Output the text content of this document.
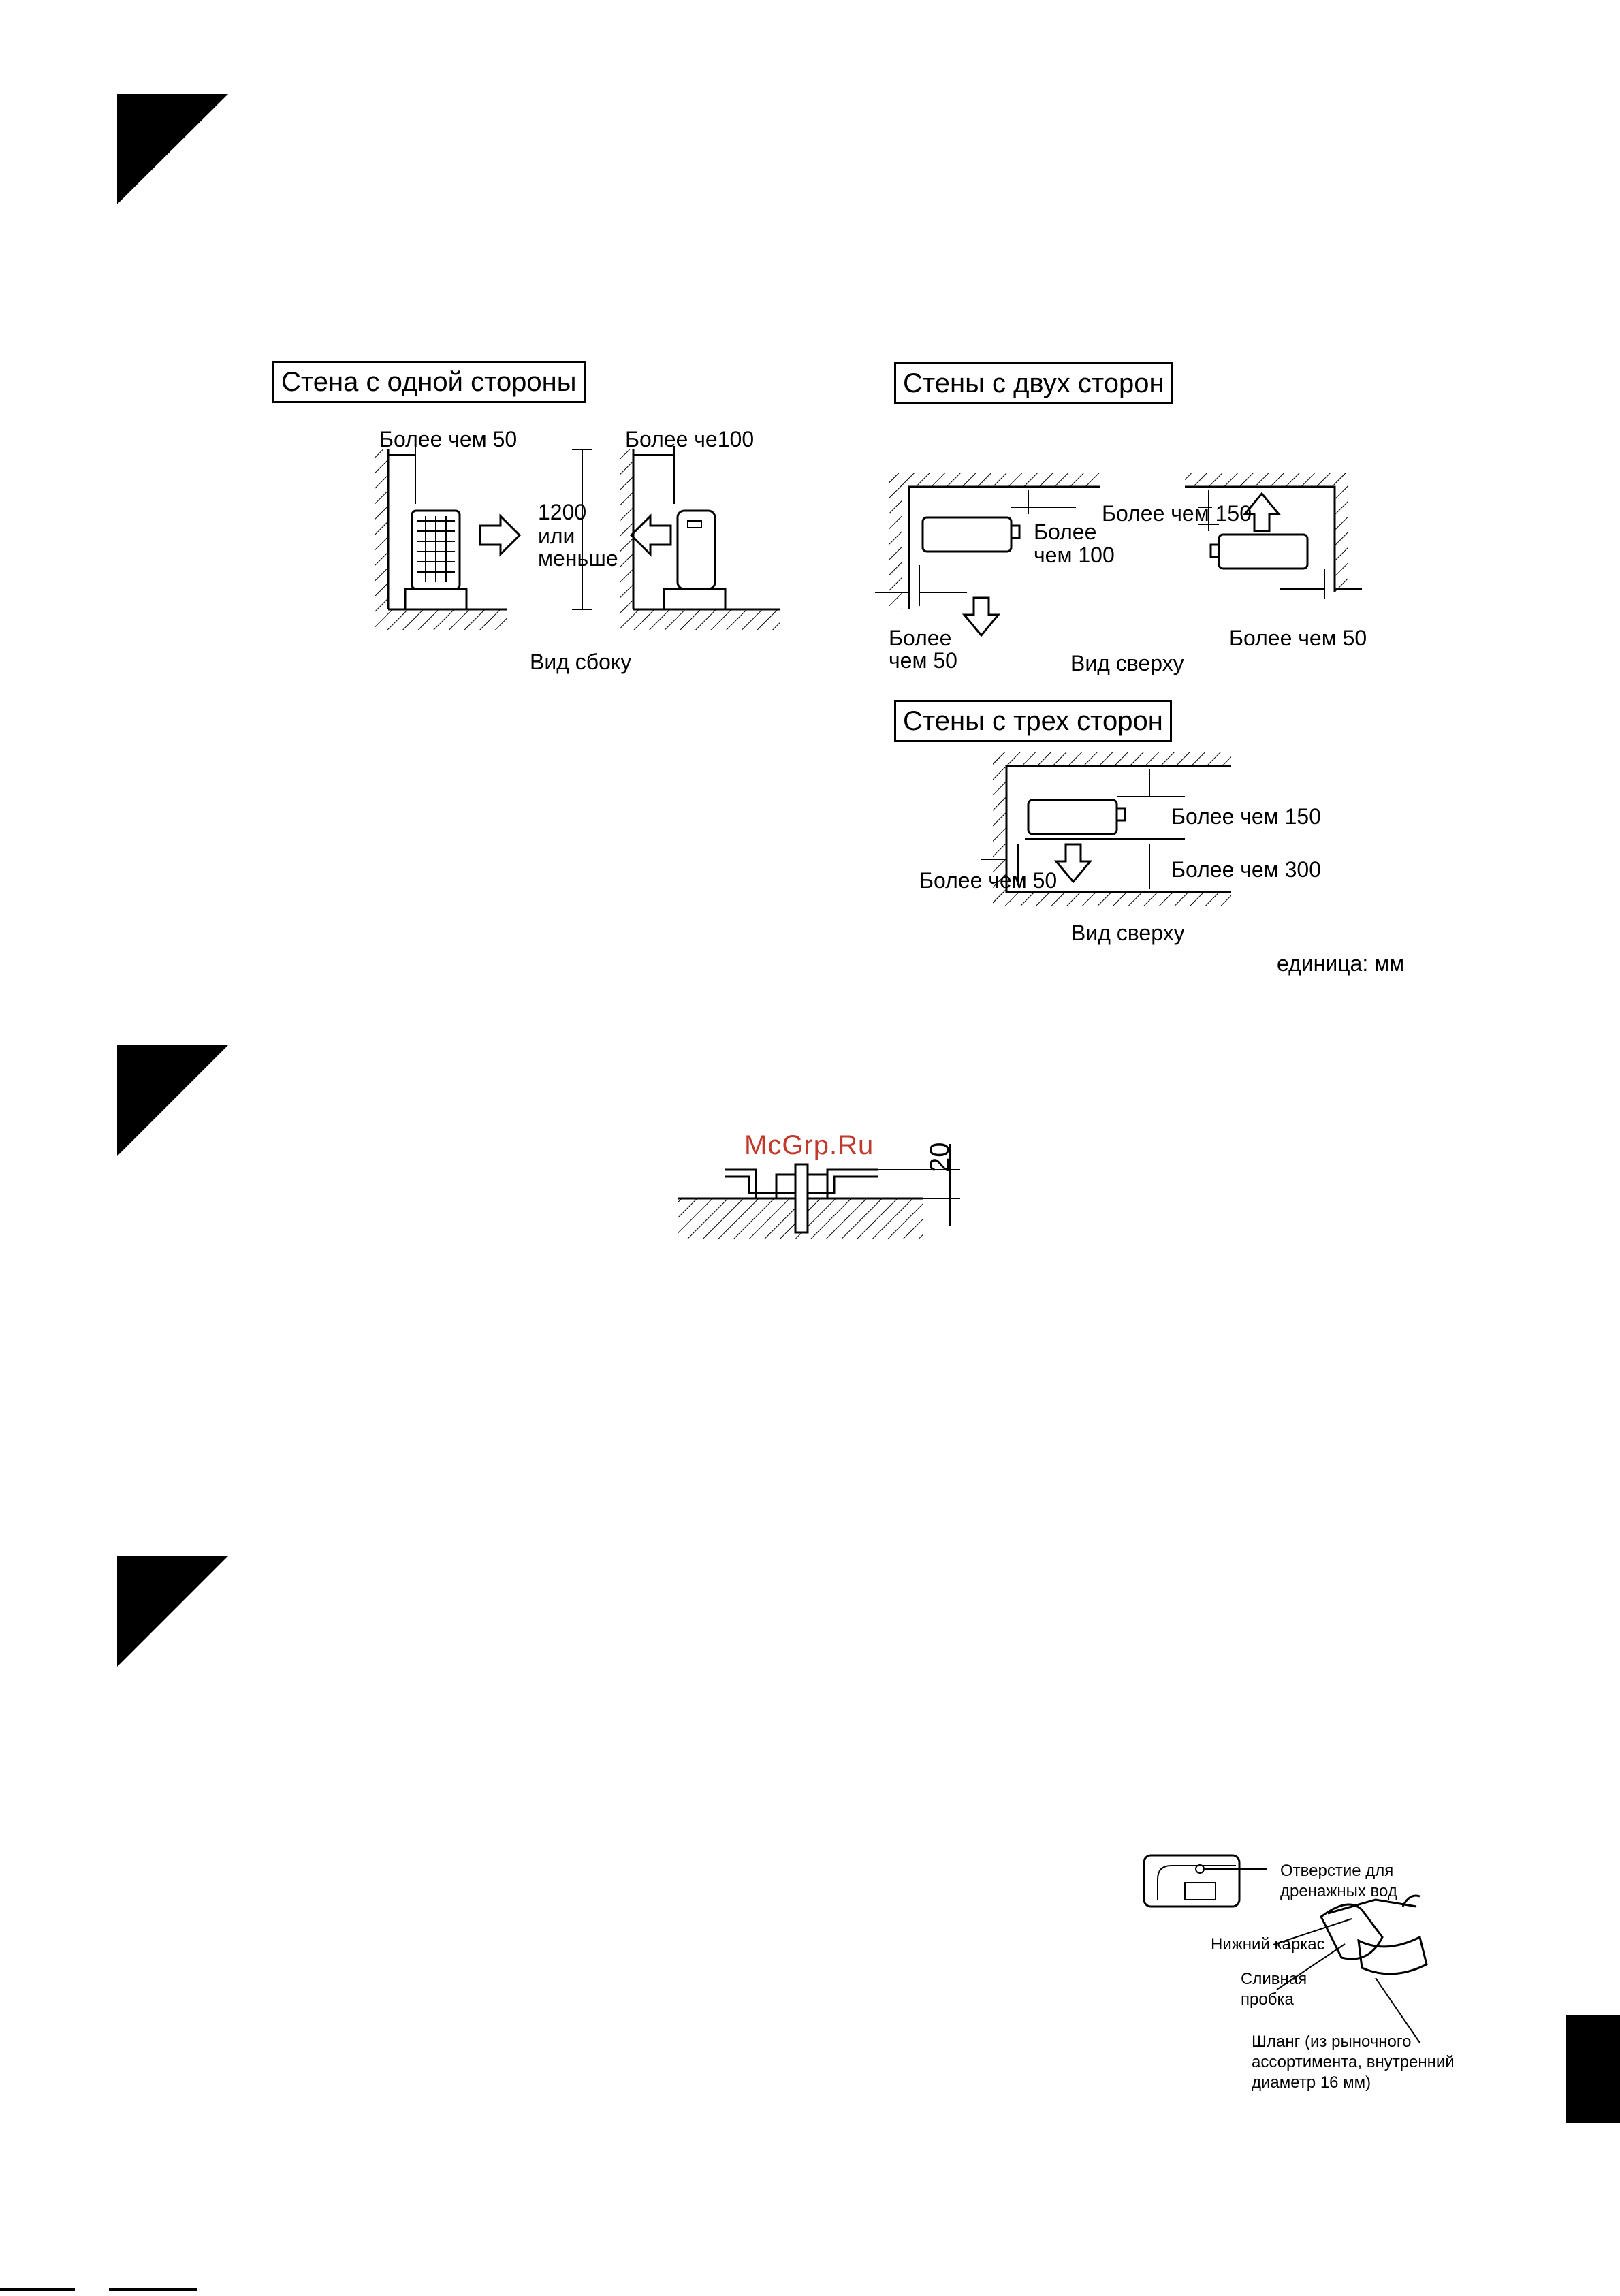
Стена с одной стороны	Стены с двух сторон
Стены с трех сторон
Более чем 50	Более че100
1200
или
меньше
Вид сбоку
Более
чем 100
Более чем 150
Более
чем 50
Более чем 50
Вид сверху
Более чем 150
Более чем 300
Более чем 50
Вид сверху
единица: мм
McGrp.Ru 20
Отверстие для
дренажных вод
Нижний каркас
Сливная
пробка
Шланг (из рыночного
ассортимента, внутренний
диаметр 16 мм)
